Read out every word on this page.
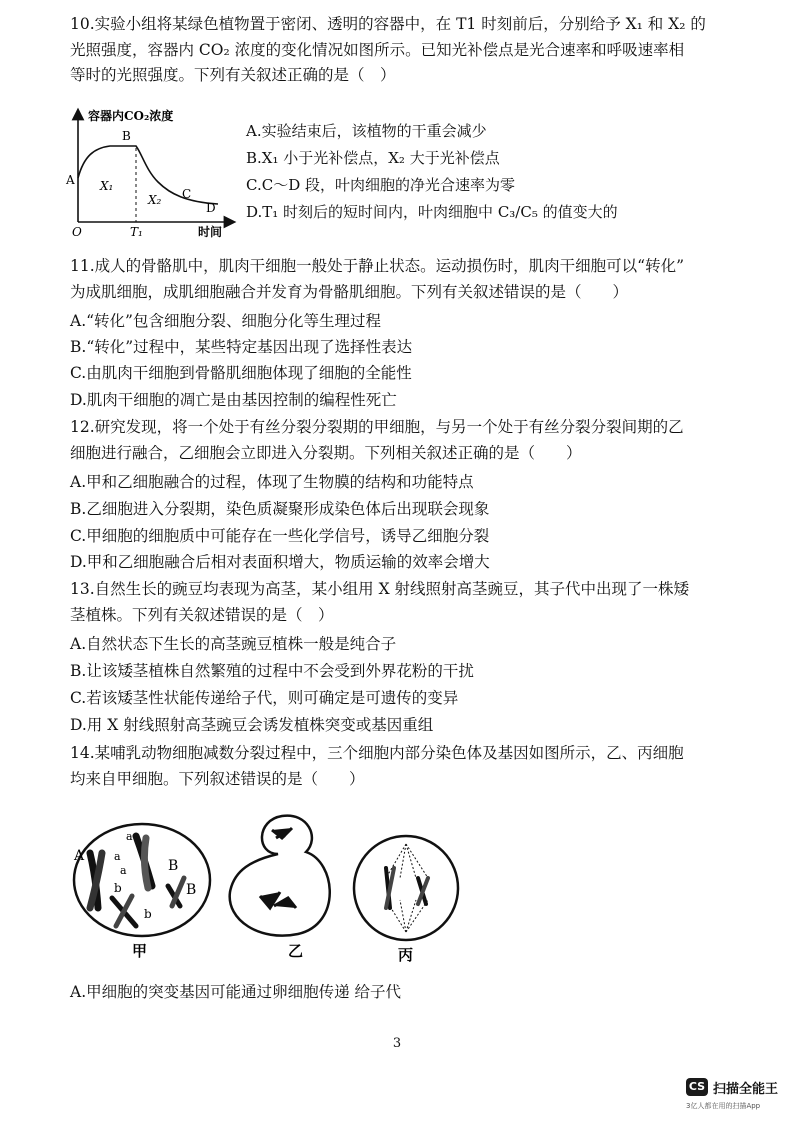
10.实验小组将某绿色植物置于密闭、透明的容器中，在 T1 时刻前后，分别给予 X₁ 和 X₂ 的
光照强度，容器内 CO₂ 浓度的变化情况如图所示。已知光补偿点是光合速率和呼吸速率相
等时的光照强度。下列有关叙述正确的是（　）
容器内CO₂浓度
A
B
C
D
X₁
X₂
O	T₁	时间
A.实验结束后，该植物的干重会减少
B.X₁ 小于光补偿点，X₂ 大于光补偿点
C.C～D 段，叶肉细胞的净光合速率为零
D.T₁ 时刻后的短时间内，叶肉细胞中 C₃/C₅ 的值变大的
11.成人的骨骼肌中，肌肉干细胞一般处于静止状态。运动损伤时，肌肉干细胞可以“转化”
为成肌细胞，成肌细胞融合并发育为骨骼肌细胞。下列有关叙述错误的是（　　）
A.“转化”包含细胞分裂、细胞分化等生理过程
B.“转化”过程中，某些特定基因出现了选择性表达
C.由肌肉干细胞到骨骼肌细胞体现了细胞的全能性
D.肌肉干细胞的凋亡是由基因控制的编程性死亡
12.研究发现，将一个处于有丝分裂分裂期的甲细胞，与另一个处于有丝分裂分裂间期的乙
细胞进行融合，乙细胞会立即进入分裂期。下列相关叙述正确的是（　　）
A.甲和乙细胞融合的过程，体现了生物膜的结构和功能特点
B.乙细胞进入分裂期，染色质凝聚形成染色体后出现联会现象
C.甲细胞的细胞质中可能存在一些化学信号，诱导乙细胞分裂
D.甲和乙细胞融合后相对表面积增大，物质运输的效率会增大
13.自然生长的豌豆均表现为高茎，某小组用 X 射线照射高茎豌豆，其子代中出现了一株矮
茎植株。下列有关叙述错误的是（　）
A.自然状态下生长的高茎豌豆植株一般是纯合子
B.让该矮茎植株自然繁殖的过程中不会受到外界花粉的干扰
C.若该矮茎性状能传递给子代，则可确定是可遗传的变异
D.用 X 射线照射高茎豌豆会诱发植株突变或基因重组
14.某哺乳动物细胞减数分裂过程中，三个细胞内部分染色体及基因如图所示，乙、丙细胞
均来自甲细胞。下列叙述错误的是（　　）
A	a
a
a	B
B
b
b
甲	乙	丙
A.甲细胞的突变基因可能通过卵细胞传递 给子代
3
CS 扫描全能王
3亿人都在用的扫描App
